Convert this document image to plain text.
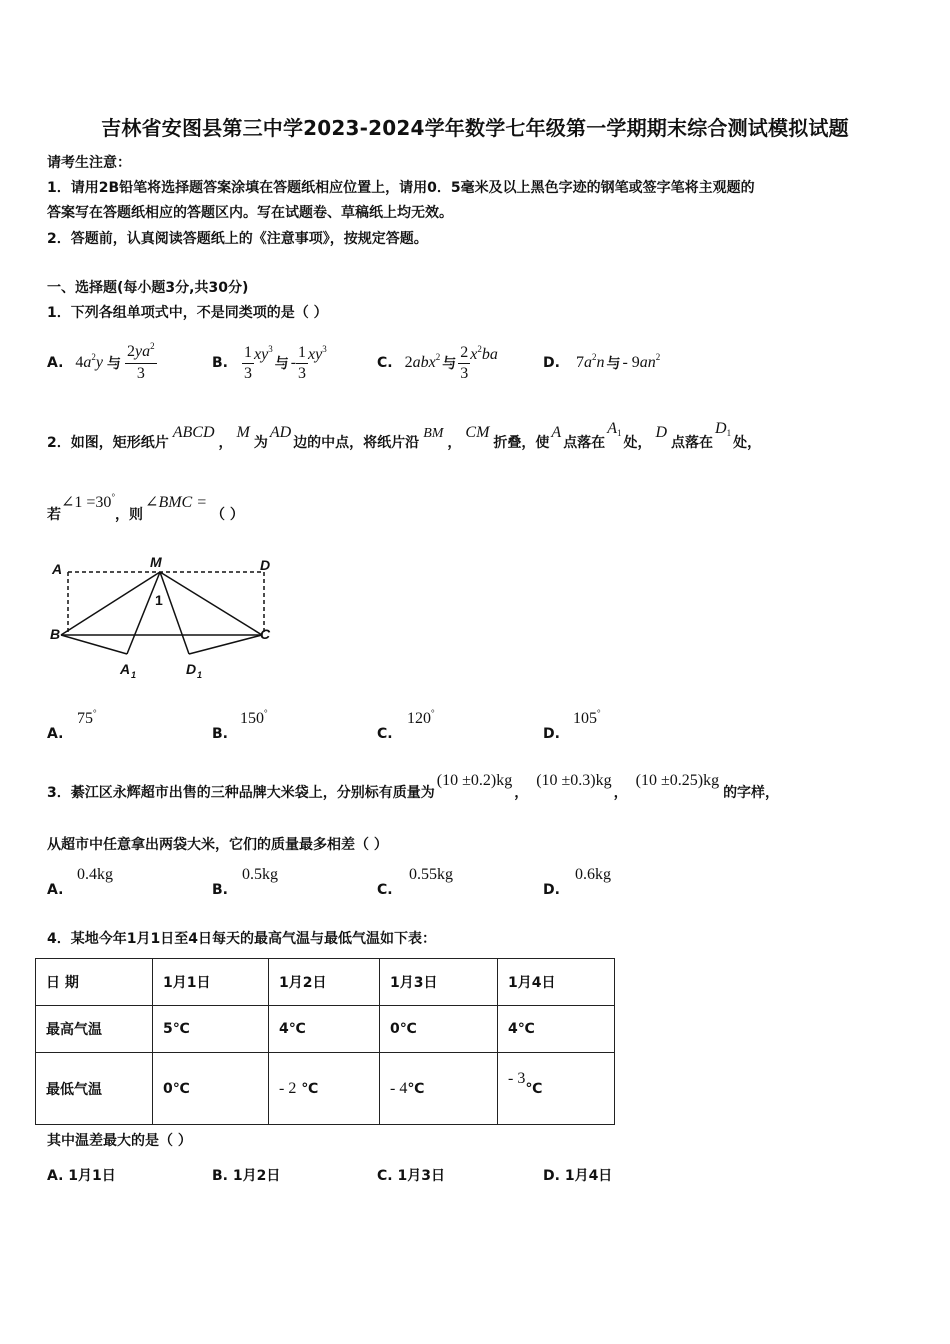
吉林省安图县第三中学2023-2024学年数学七年级第一学期期末综合测试模拟试题
请考生注意：
1．请用2B铅笔将选择题答案涂填在答题纸相应位置上，请用0．5毫米及以上黑色字迹的钢笔或签字笔将主观题的
答案写在答题纸相应的答题区内。写在试题卷、草稿纸上均无效。
2．答题前，认真阅读答题纸上的《注意事项》，按规定答题。
一、选择题(每小题3分,共30分)
1．下列各组单项式中，不是同类项的是（ ）
A. $4a^2y$ 与 $\frac{2ya^2}{3}$	B. $\frac{1}{3} xy^3$
与 - $\frac{1}{3} xy^3$
C. 2abx$^2$ 与 $\frac{2}{3} x^2ba$	D. $7a^2n$ 与 - $9an^2$
2．如图，矩形纸片
ABCD
，
M
为
AD
边的中点，将纸片沿
BM
，
CM
折叠，使
A
点落在
A1
处，
D
点落在
D1
处，
若
∠1 =30°
，则
∠BMC =
（ ）
A	M	D
B	C
1
A 1	D 1
A.
75°
B.
150°
C.
120°
D.
105°
3．綦江区永辉超市出售的三种品牌大米袋上，分别标有质量为
(10 ±0.2)kg
，
(10 ±0.3)kg
，
(10 ±0.25)kg
的字样，
从超市中任意拿出两袋大米，它们的质量最多相差（ ）
A.
0.4kg
B.
0.5kg
C.
0.55kg
D.
0.6kg
4．某地今年1月1日至4日每天的最高气温与最低气温如下表：
日 期	1月1日	1月2日	1月3日	1月4日
最高气温	5℃	4℃	0℃	4℃
最低气温	0℃	- 2 ℃	- 4℃	- 3℃
其中温差最大的是（ ）
A. 1月1日	B. 1月2日	C. 1月3日	D. 1月4日
